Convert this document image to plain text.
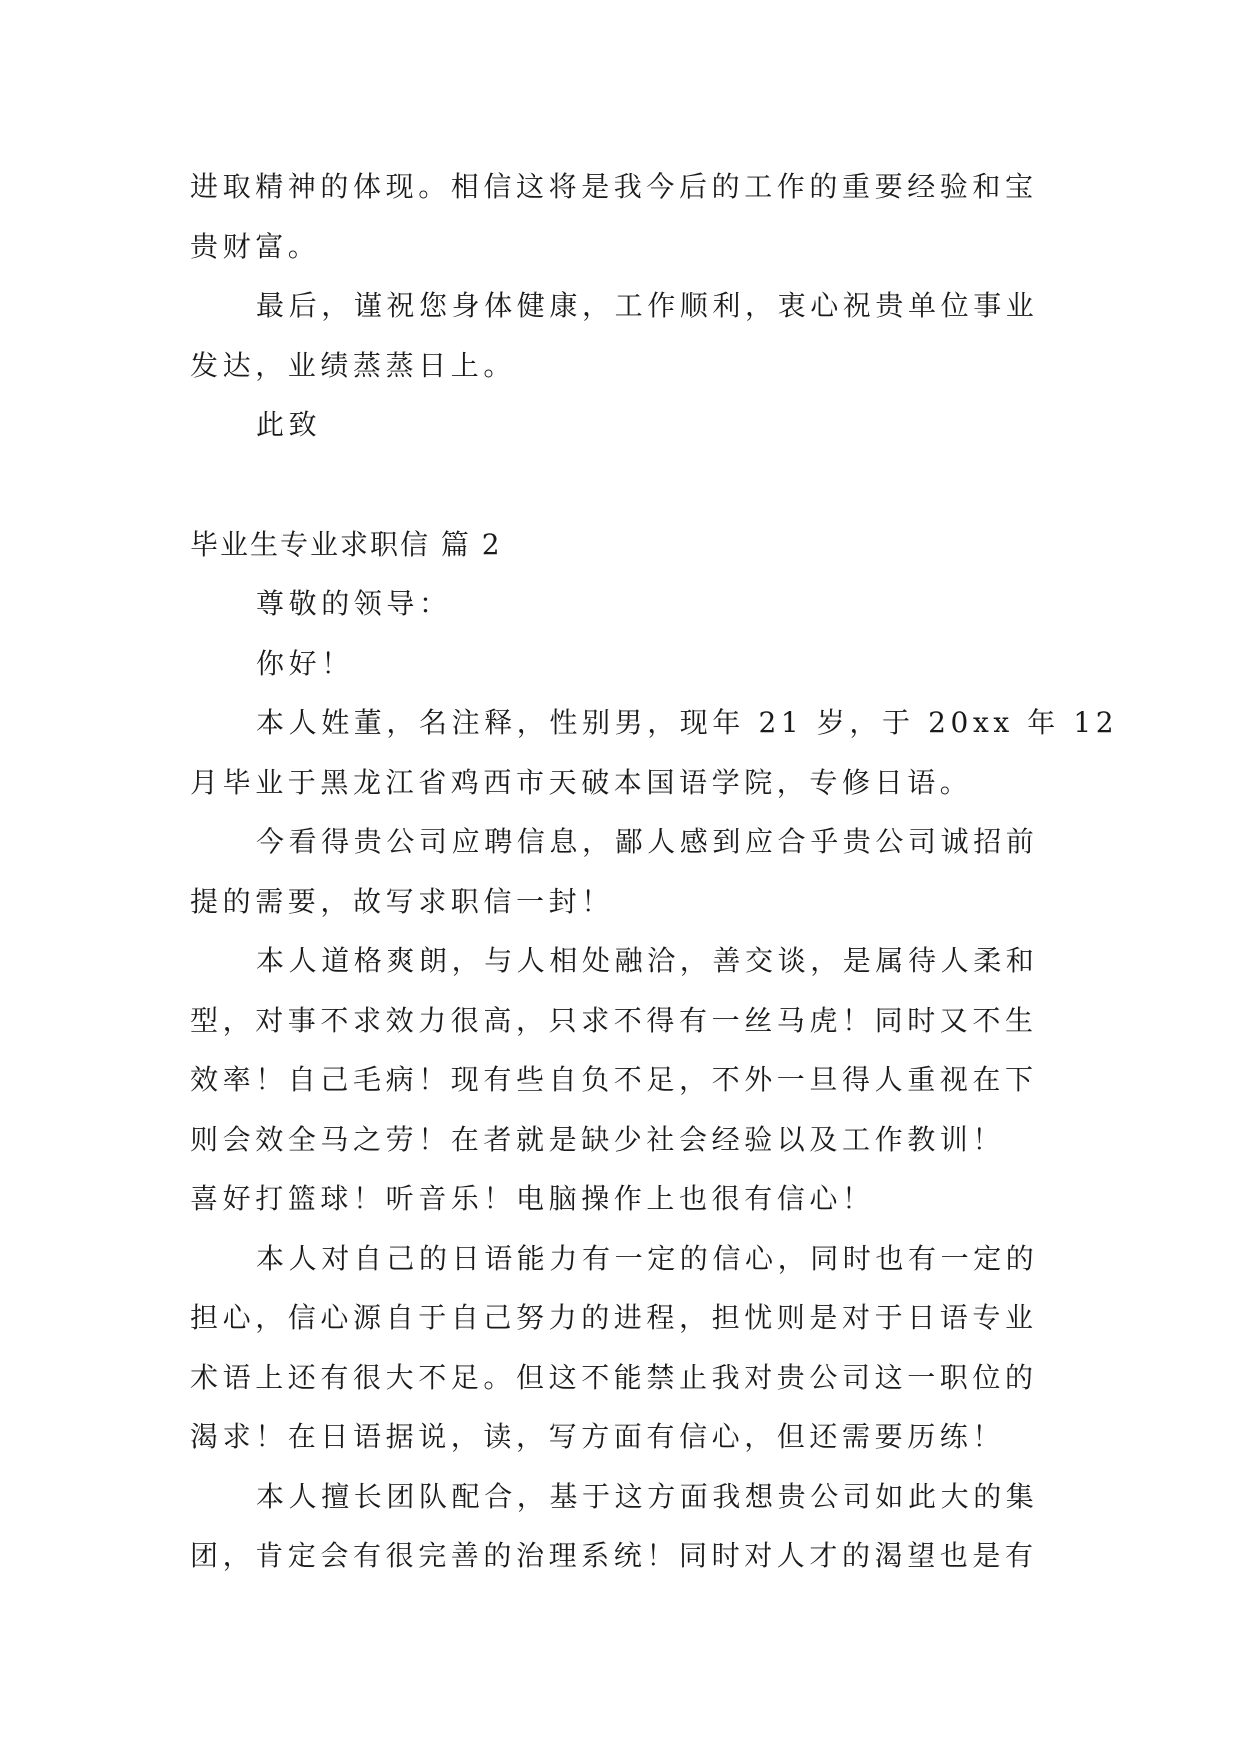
进取精神的体现。相信这将是我今后的工作的重要经验和宝
贵财富。
最后，谨祝您身体健康，工作顺利，衷心祝贵单位事业
发达，业绩蒸蒸日上。
此致
毕业生专业求职信 篇 2
尊敬的领导：
你好！
本人姓董，名注释，性别男，现年 21 岁，于 20xx 年 12
月毕业于黑龙江省鸡西市天破本国语学院，专修日语。
今看得贵公司应聘信息，鄙人感到应合乎贵公司诚招前
提的需要，故写求职信一封！
本人道格爽朗，与人相处融洽，善交谈，是属待人柔和
型，对事不求效力很高，只求不得有一丝马虎！同时又不生
效率！自己毛病！现有些自负不足，不外一旦得人重视在下
则会效全马之劳！在者就是缺少社会经验以及工作教训！
喜好打篮球！听音乐！电脑操作上也很有信心！
本人对自己的日语能力有一定的信心，同时也有一定的
担心，信心源自于自己努力的进程，担忧则是对于日语专业
术语上还有很大不足。但这不能禁止我对贵公司这一职位的
渴求！在日语据说，读，写方面有信心，但还需要历练！
本人擅长团队配合，基于这方面我想贵公司如此大的集
团，肯定会有很完善的治理系统！同时对人才的渴望也是有
